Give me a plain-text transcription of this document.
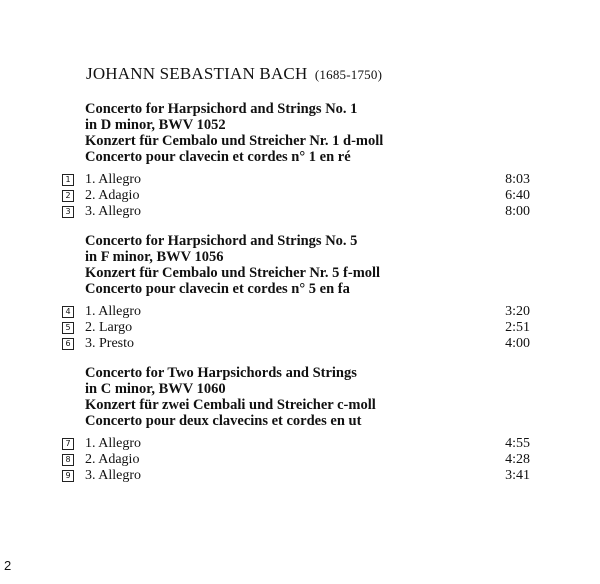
JOHANN SEBASTIAN BACH (1685-1750)
Concerto for Harpsichord and Strings No. 1
in D minor, BWV 1052
Konzert für Cembalo und Streicher Nr. 1 d-moll
Concerto pour clavecin et cordes n° 1 en ré
1 1. Allegro	8:03
2 2. Adagio	6:40
3 3. Allegro	8:00
Concerto for Harpsichord and Strings No. 5
in F minor, BWV 1056
Konzert für Cembalo und Streicher Nr. 5 f-moll
Concerto pour clavecin et cordes n° 5 en fa
4 1. Allegro	3:20
5 2. Largo	2:51
6 3. Presto	4:00
Concerto for Two Harpsichords and Strings
in C minor, BWV 1060
Konzert für zwei Cembali und Streicher c-moll
Concerto pour deux clavecins et cordes en ut
7 1. Allegro	4:55
8 2. Adagio	4:28
9 3. Allegro	3:41
2
